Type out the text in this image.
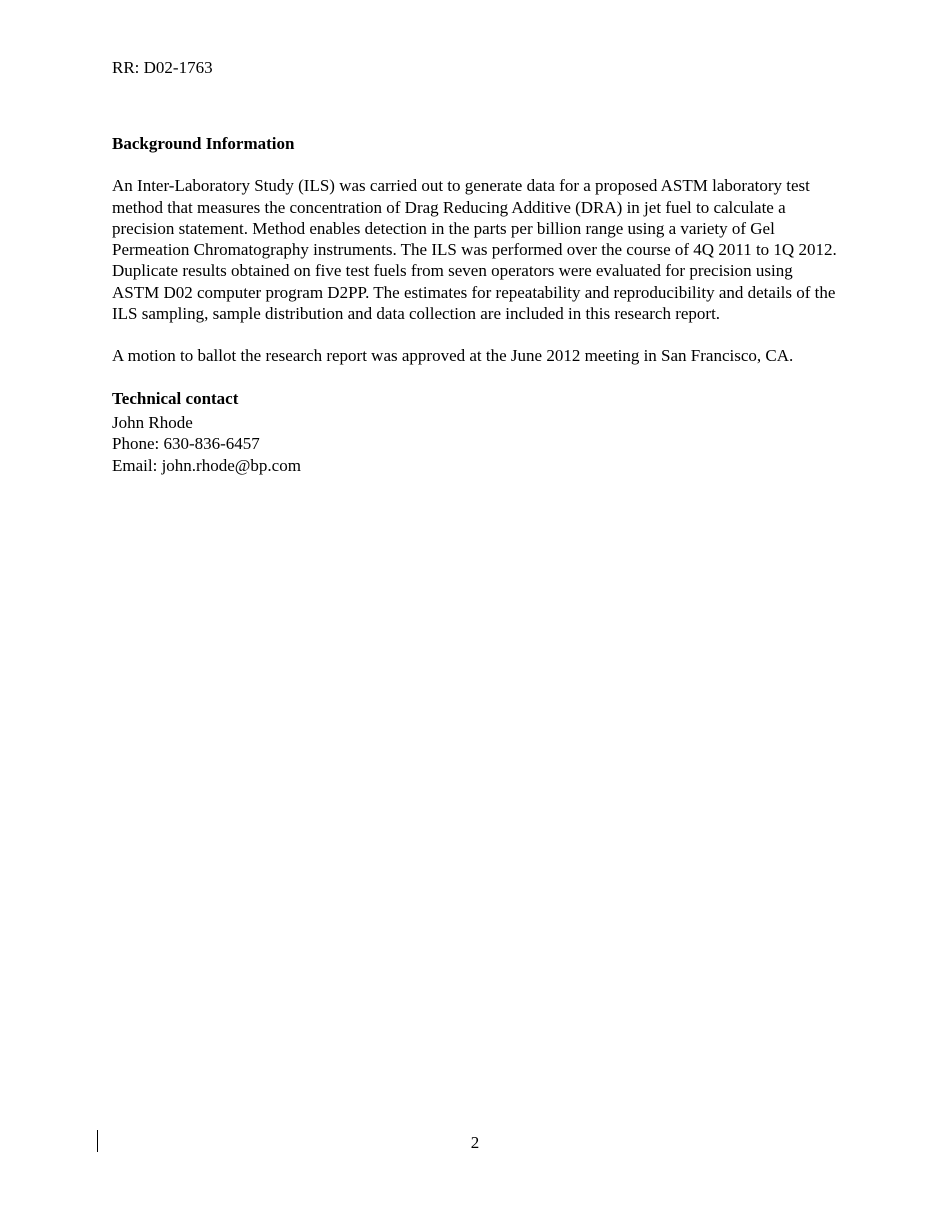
RR: D02-1763

Background Information

An Inter-Laboratory Study (ILS) was carried out to generate data for a proposed ASTM laboratory test method that measures the concentration of Drag Reducing Additive (DRA) in jet fuel to calculate a precision statement. Method enables detection in the parts per billion range using a variety of Gel Permeation Chromatography instruments. The ILS was performed over the course of 4Q 2011 to 1Q 2012. Duplicate results obtained on five test fuels from seven operators were evaluated for precision using ASTM D02 computer program D2PP. The estimates for repeatability and reproducibility and details of the ILS sampling, sample distribution and data collection are included in this research report.

A motion to ballot the research report was approved at the June 2012 meeting in San Francisco, CA.

Technical contact

John Rhode

Phone: 630-836-6457

Email: john.rhode@bp.com

2
